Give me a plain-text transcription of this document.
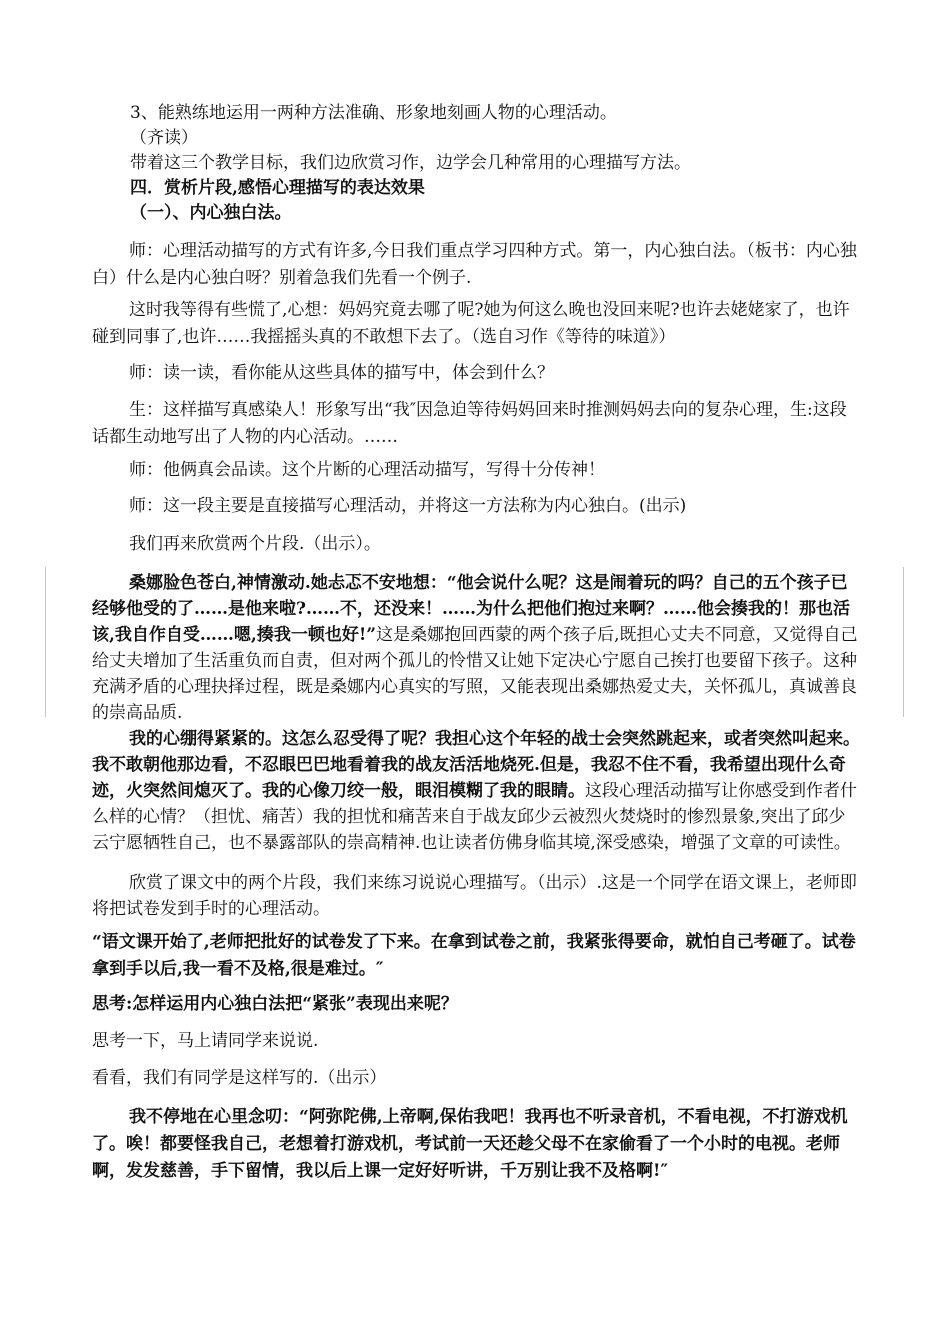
3、能熟练地运用一两种方法准确、形象地刻画人物的心理活动。

（齐读）

带着这三个教学目标，我们边欣赏习作，边学会几种常用的心理描写方法。

四．赏析片段,感悟心理描写的表达效果

（一）、内心独白法。

师：心理活动描写的方式有许多,今日我们重点学习四种方式。第一，内心独白法。（板书：内心独白）什么是内心独白呀？别着急我们先看一个例子.

这时我等得有些慌了,心想：妈妈究竟去哪了呢?她为何这么晚也没回来呢?也许去姥姥家了，也许碰到同事了,也许……我摇摇头真的不敢想下去了。（选自习作《等待的味道》）

师：读一读，看你能从这些具体的描写中，体会到什么？

生：这样描写真感染人！形象写出“我″因急迫等待妈妈回来时推测妈妈去向的复杂心理，生:这段话都生动地写出了人物的内心活动。……

师：他俩真会品读。这个片断的心理活动描写，写得十分传神！

师：这一段主要是直接描写心理活动，并将这一方法称为内心独白。(出示)

我们再来欣赏两个片段.（出示）。

桑娜脸色苍白,神情激动.她忐忑不安地想：“他会说什么呢？这是闹着玩的吗？自己的五个孩子已经够他受的了……是他来啦?……不，还没来！……为什么把他们抱过来啊？……他会揍我的！那也活该,我自作自受……嗯,揍我一顿也好!”这是桑娜抱回西蒙的两个孩子后,既担心丈夫不同意，又觉得自己给丈夫增加了生活重负而自责，但对两个孤儿的怜惜又让她下定决心宁愿自己挨打也要留下孩子。这种充满矛盾的心理抉择过程，既是桑娜内心真实的写照，又能表现出桑娜热爱丈夫，关怀孤儿，真诚善良的崇高品质.

我的心绷得紧紧的。这怎么忍受得了呢？我担心这个年轻的战士会突然跳起来，或者突然叫起来。我不敢朝他那边看，不忍眼巴巴地看着我的战友活活地烧死.但是，我忍不住不看，我希望出现什么奇迹，火突然间熄灭了。我的心像刀绞一般，眼泪模糊了我的眼睛。这段心理活动描写让你感受到作者什么样的心情？（担忧、痛苦）我的担忧和痛苦来自于战友邱少云被烈火焚烧时的惨烈景象,突出了邱少云宁愿牺牲自己，也不暴露部队的崇高精神.也让读者仿佛身临其境,深受感染，增强了文章的可读性。

欣赏了课文中的两个片段，我们来练习说说心理描写。（出示）.这是一个同学在语文课上，老师即将把试卷发到手时的心理活动。

“语文课开始了,老师把批好的试卷发了下来。在拿到试卷之前，我紧张得要命，就怕自己考砸了。试卷拿到手以后,我一看不及格,很是难过。″

思考:怎样运用内心独白法把“紧张”表现出来呢？

思考一下，马上请同学来说说.

看看，我们有同学是这样写的.（出示）

我不停地在心里念叨：“阿弥陀佛,上帝啊,保佑我吧！我再也不听录音机，不看电视，不打游戏机了。唉！都要怪我自己，老想着打游戏机，考试前一天还趁父母不在家偷看了一个小时的电视。老师啊，发发慈善，手下留情，我以后上课一定好好听讲，千万别让我不及格啊!″
